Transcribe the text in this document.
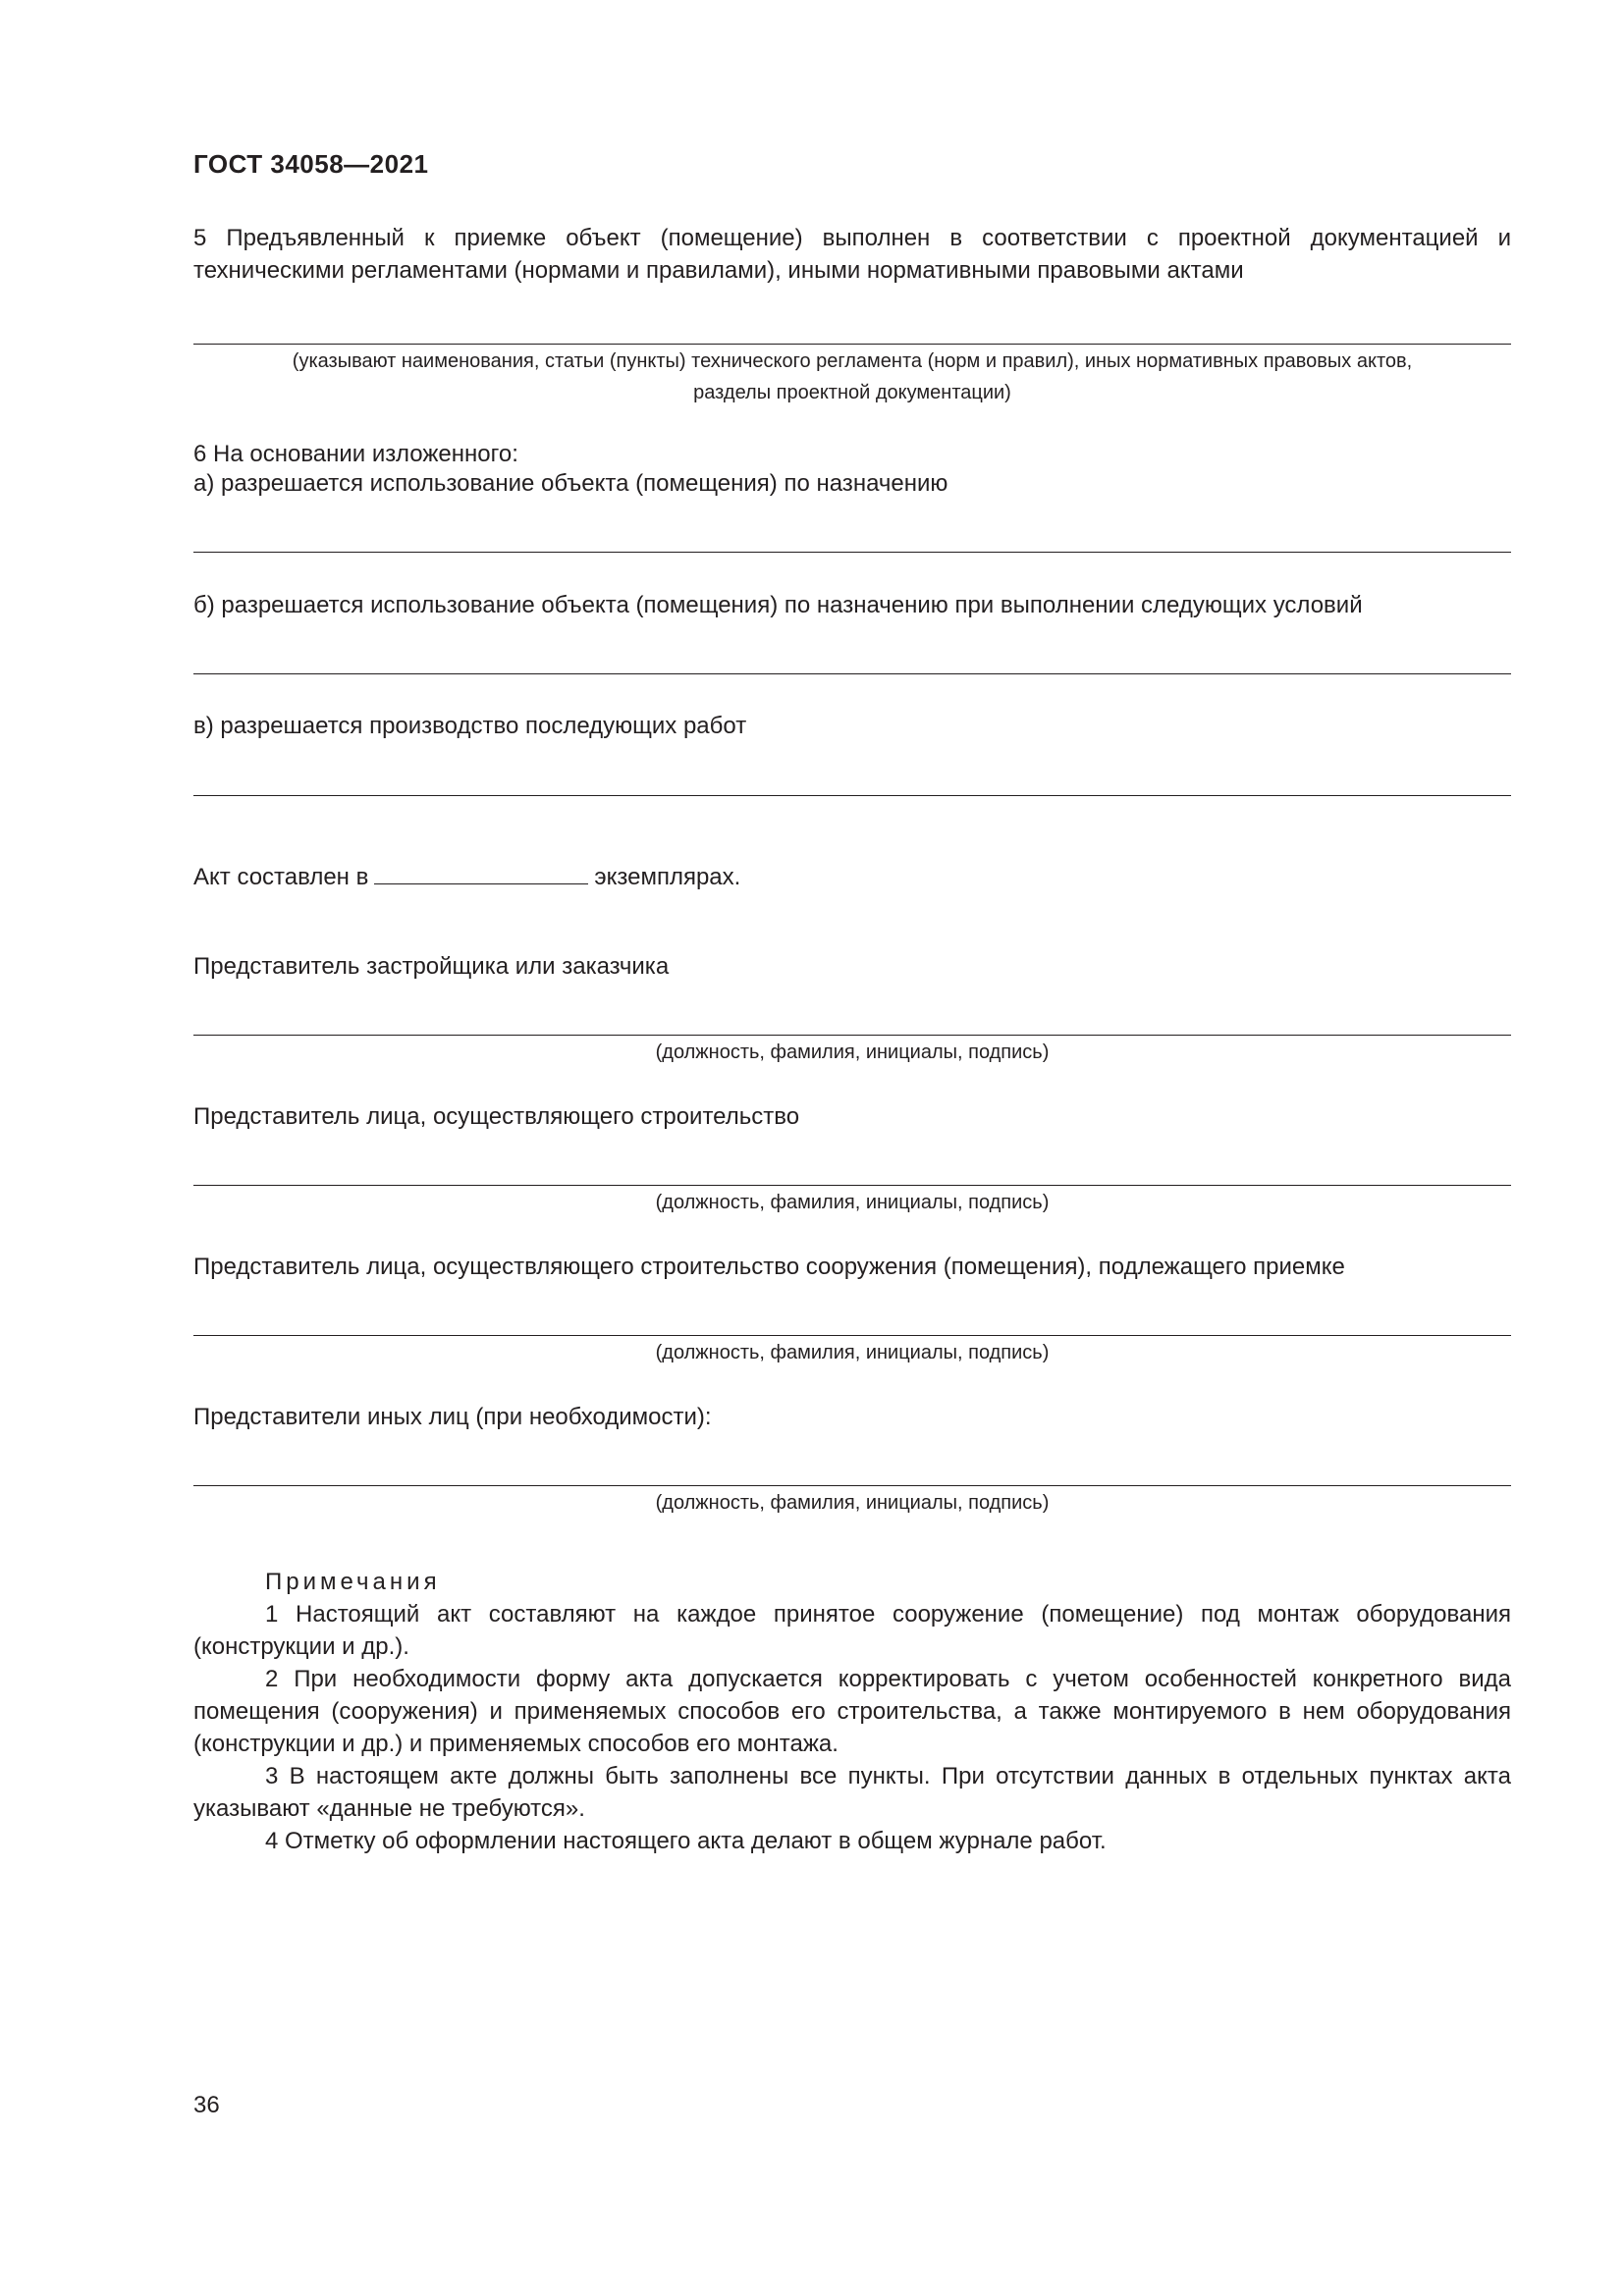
ГОСТ 34058—2021
5 Предъявленный к приемке объект (помещение) выполнен в соответствии с проектной документацией и техническими регламентами (нормами и правилами), иными нормативными правовыми актами
(указывают наименования, статьи (пункты) технического регламента (норм и правил), иных нормативных правовых актов,
разделы проектной документации)
6 На основании изложенного:
а) разрешается использование объекта (помещения) по назначению
б) разрешается использование объекта (помещения) по назначению при выполнении следующих условий
в) разрешается производство последующих работ
Акт составлен в	экземплярах.
Представитель застройщика или заказчика
(должность, фамилия, инициалы, подпись)
Представитель лица, осуществляющего строительство
(должность, фамилия, инициалы, подпись)
Представитель лица, осуществляющего строительство сооружения (помещения), подлежащего приемке
(должность, фамилия, инициалы, подпись)
Представители иных лиц (при необходимости):
(должность, фамилия, инициалы, подпись)
Примечания
1 Настоящий акт составляют на каждое принятое сооружение (помещение) под монтаж оборудования (конструкции и др.).
2 При необходимости форму акта допускается корректировать с учетом особенностей конкретного вида помещения (сооружения) и применяемых способов его строительства, а также монтируемого в нем оборудования (конструкции и др.) и применяемых способов его монтажа.
3 В настоящем акте должны быть заполнены все пункты. При отсутствии данных в отдельных пунктах акта указывают «данные не требуются».
4 Отметку об оформлении настоящего акта делают в общем журнале работ.
36
